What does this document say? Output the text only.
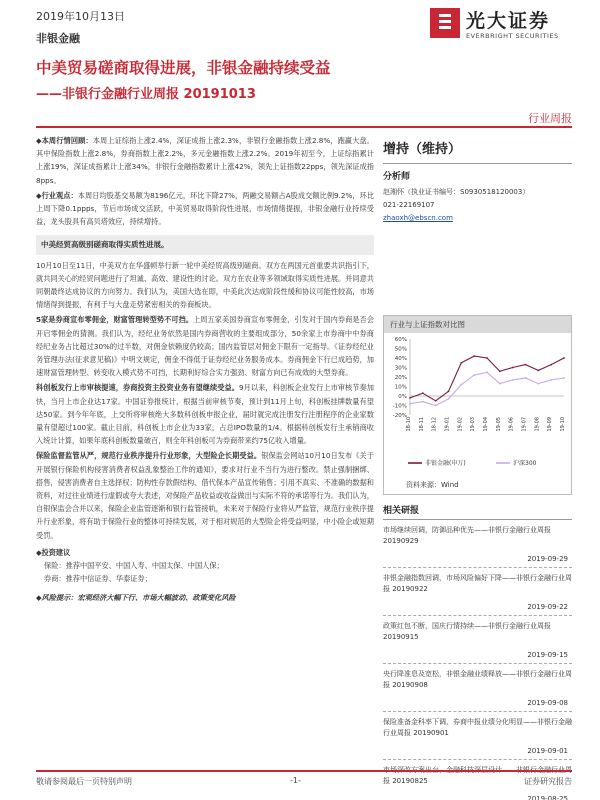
2019年10月13日
非银金融
光大证券
EVERBRIGHT SECURITIES
中美贸易磋商取得进展，非银金融持续受益
——非银行金融行业周报 20191013
行业周报

◆本周行情回顾：本周上证综指上涨2.4%，深证成指上涨2.3%，非银行金融指数上涨2.8%，跑赢大盘。其中保险指数上涨2.8%，券商指数上涨2.2%，多元金融指数上涨2.2%。2019年初至今，上证综指累计上涨19%，深证成指累计上涨34%，非银行金融指数累计上涨42%，领先上证指数22pps，领先深证成指8pps。

◆行业观点：本周日均股基交易额为8196亿元，环比下降27%，两融交易额占A股成交额比例9.2%，环比上周下降0.1ppps，节后市场成交活跃，中美贸易取得阶段性进展，市场情绪提振，非银金融行业持续受益，龙头股具有高贝塔效应，持续增持。

中美经贸高级别磋商取得实质性进展。

10月10日至11日，中美双方在华盛顿举行新一轮中美经贸高级别磋商。双方在两国元首重要共识指引下，就共同关心的经贸问题进行了坦诚、高效、建设性的讨论。双方在农业等多领域取得实质性进展。并同意共同朝最终达成协议的方向努力。我们认为，美国大选在即，中美此次达成阶段性缓和协议可能性较高，市场情绪得到提振，有利于与大盘走势紧密相关的券商板块。

5家是券商宣布零佣金，财富管理转型势不可挡。上周五家美国券商宣布零佣金，引发对于国内券商是否会开启零佣金的猜测。我们认为，经纪业务依然是国内券商营收的主要组成部分，50余家上市券商中中券商经纪业务占比超过30%的过半数，对佣金依赖度仍较高；国内监管层对佣金下限有一定指导。《证券经纪业务管理办法(征求意见稿)》中明文规定，佣金不得低于证券经纪业务服务成本。券商佣金下行已成趋势，加速财富管理转型、转变收入模式势不可挡，长期利好综合实力强劲、财富方向已有成效的大型券商。

科创板发行上市审核提速，券商投资主投资业务有望继续受益。9月以来，科创板企业发行上市审核节奏加快，当月上市企业达17家。中国证券报统计，根据当前审核节奏，预计到11月上旬，科创板挂牌数量有望达50家。到今年年底，上交所将审核绝大多数科创板申报企业，届时就完成注册发行注册程序的企业家数量有望超过100家。截止目前，科创板上市企业为33家，占总IPO数量的1/4。根据科创板发行主承销商收入统计计算，如果年底科创板数量破百，则全年科创板可为券商带来约75亿收入增量。

保险监督监管从严，规范行业秩序提升行业形象，大型险企长期受益。银保监会网站10月10日发布《关于开展银行保险机构侵害消费者权益乱象整治工作的通知》，要求对行业不当行为进行整改。禁止强制捆绑、搭售，侵害消费者自主选择权；防构性存款假结构、借代保本产品宣传销售；引用不真实、不准确的数据和资料，对过往业绩进行虚假或夸大表述，对保险产品收益或收益做出与实际不符的承诺等行为。我们认为，自银保监会合并以来，保险企业监管逐渐和银行监管接轨，未来对于保险行业将从严监管，规范行业秩序提升行业形象，将有助于保险行业的整体可持续发展，对于相对规范的大型险企将受益明显，中小险企或短期受罚。

◆投资建议
保险：推荐中国平安、中国人寿、中国太保、中国人保；
券商：推荐中信证券、华泰证券；
◆风险提示：宏观经济大幅下行、市场大幅波动、政策变化风险
增持（维持）
分析师
赵湘怀（执业证书编号：S0930518120003）
021-22169107
zhaoxh@ebscn.com
行业与上证指数对比图
-20%
-10%
0%
10%
20%
30%
40%
50%
60%
18-10 18-11 18-12 19-01 19-02 19-03 19-04 19-05 19-06 19-07 19-08 19-09 19-10
非银金融(申万)	沪深300
资料来源：Wind
相关研报
市场继续回调，防御品种优先——非银行金融行业周报 20190929
2019-09-29
非银金融指数回调，市场风险偏好下降——非银行金融行业周报 20190922
2019-09-22
政策红包不断，国庆行情持续——非银行金融行业周报 20190915
2019-09-15
央行降准息及宽松，非银金融业绩释放——非银行金融行业周报 20190908
2019-09-08
保险准备金科率下调，券商中报业绩分化明显——非银行金融行业周报 20190901
2019-09-01
报 20190825
2019-08-25
敬请参阅最后一页特别声明	-1-	证券研究报告
